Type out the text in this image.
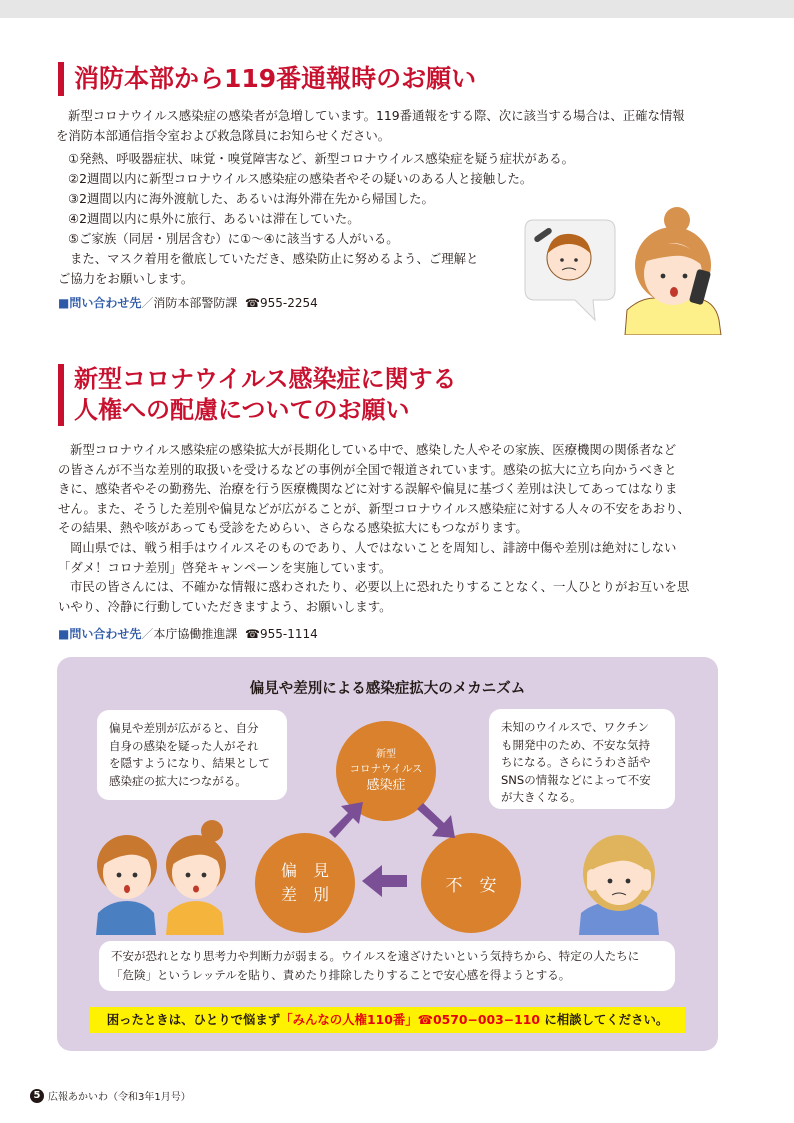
消防本部から119番通報時のお願い
新型コロナウイルス感染症の感染者が急増しています。119番通報をする際、次に該当する場合は、正確な情報
を消防本部通信指令室および救急隊員にお知らせください。
①発熱、呼吸器症状、味覚・嗅覚障害など、新型コロナウイルス感染症を疑う症状がある。
②2週間以内に新型コロナウイルス感染症の感染者やその疑いのある人と接触した。
③2週間以内に海外渡航した、あるいは海外滞在先から帰国した。
④2週間以内に県外に旅行、あるいは滞在していた。
⑤ご家族（同居・別居含む）に①～④に該当する人がいる。
また、マスク着用を徹底していただき、感染防止に努めるよう、ご理解と
ご協力をお願いします。
■問い合わせ先／消防本部警防課 ☎955-2254
新型コロナウイルス感染症に関する
人権への配慮についてのお願い
新型コロナウイルス感染症の感染拡大が長期化している中で、感染した人やその家族、医療機関の関係者など
の皆さんが不当な差別的取扱いを受けるなどの事例が全国で報道されています。感染の拡大に立ち向かうべきと
きに、感染者やその勤務先、治療を行う医療機関などに対する誤解や偏見に基づく差別は決してあってはなりま
せん。また、そうした差別や偏見などが広がることが、新型コロナウイルス感染症に対する人々の不安をあおり、
その結果、熱や咳があっても受診をためらい、さらなる感染拡大にもつながります。
岡山県では、戦う相手はウイルスそのものであり、人ではないことを周知し、誹謗中傷や差別は絶対にしない
「ダメ！コロナ差別」啓発キャンペーンを実施しています。
市民の皆さんには、不確かな情報に惑わされたり、必要以上に恐れたりすることなく、一人ひとりがお互いを思
いやり、冷静に行動していただきますよう、お願いします。
■問い合わせ先／本庁協働推進課 ☎955-1114
偏見や差別による感染症拡大のメカニズム
偏見や差別が広がると、自分
自身の感染を疑った人がそれ
を隠すようになり、結果として
感染症の拡大につながる。
未知のウイルスで、ワクチン
も開発中のため、不安な気持
ちになる。さらにうわさ話や
SNSの情報などによって不安
が大きくなる。
新型
コロナウイルス
感染症
偏　見
差　別	不　安
不安が恐れとなり思考力や判断力が弱まる。ウイルスを遠ざけたいという気持ちから、特定の人たちに
「危険」というレッテルを貼り、責めたり排除したりすることで安心感を得ようとする。
困ったときは、ひとりで悩まず「みんなの人権110番」☎0570−003−110 に相談してください。
5 広報あかいわ（令和3年1月号）
